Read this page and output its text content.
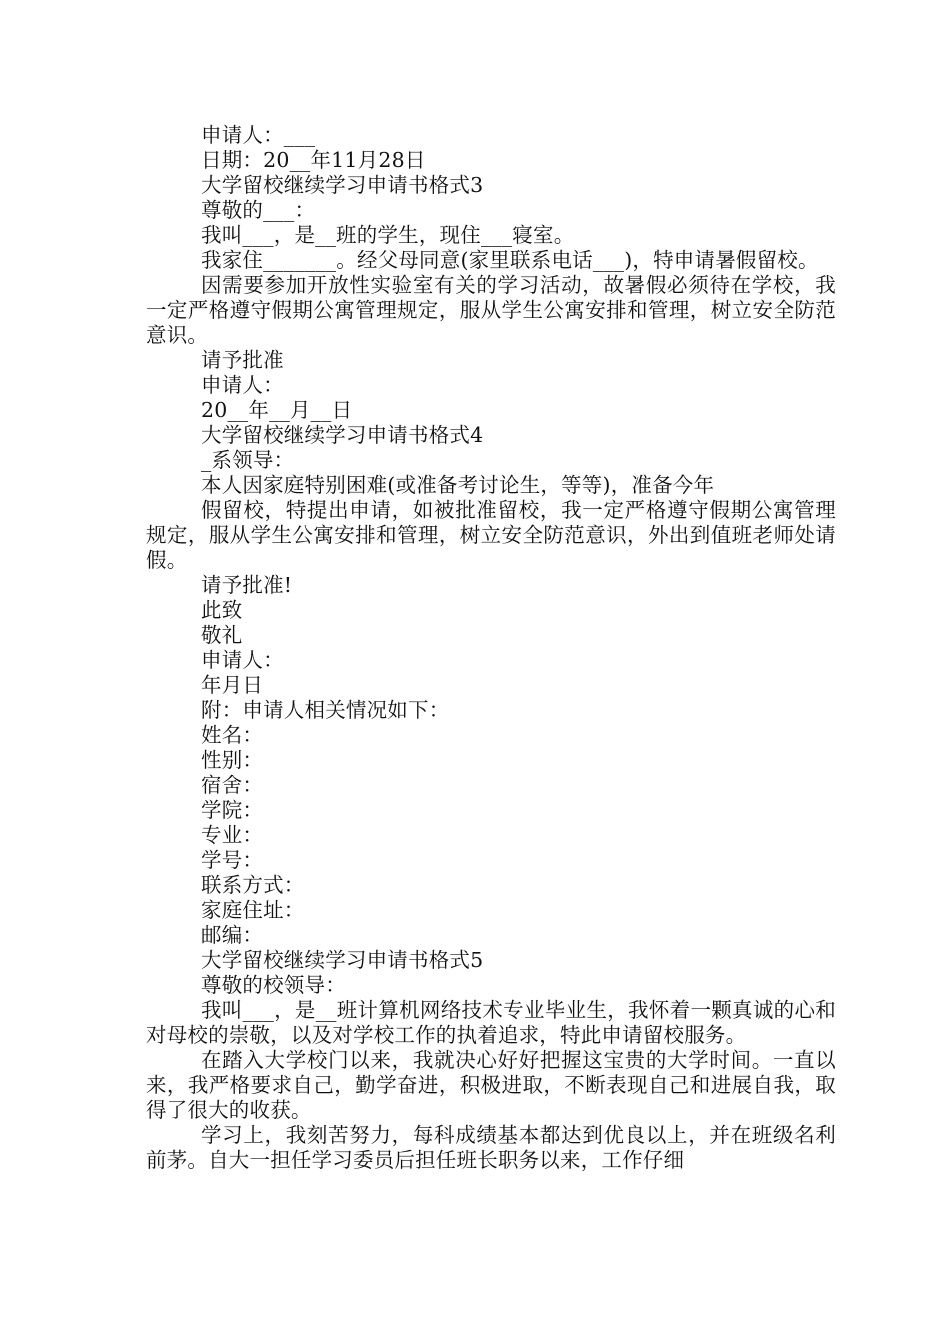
申请人：___
日期：20__年11月28日
大学留校继续学习申请书格式3
尊敬的___：
我叫___，是__班的学生，现住___寝室。
我家住_______。经父母同意(家里联系电话___)，特申请暑假留校。
因需要参加开放性实验室有关的学习活动，故暑假必须待在学校，我一定严格遵守假期公寓管理规定，服从学生公寓安排和管理，树立安全防范意识。
请予批准
申请人：
20__年__月__日
大学留校继续学习申请书格式4
_系领导：
本人因家庭特别困难(或准备考讨论生，等等)，准备今年
假留校，特提出申请，如被批准留校，我一定严格遵守假期公寓管理规定，服从学生公寓安排和管理，树立安全防范意识，外出到值班老师处请假。
请予批准!
此致
敬礼
申请人：
年月日
附：申请人相关情况如下：
姓名：
性别：
宿舍：
学院：
专业：
学号：
联系方式：
家庭住址：
邮编：
大学留校继续学习申请书格式5
尊敬的校领导：
我叫___，是__班计算机网络技术专业毕业生，我怀着一颗真诚的心和对母校的崇敬，以及对学校工作的执着追求，特此申请留校服务。
在踏入大学校门以来，我就决心好好把握这宝贵的大学时间。一直以来，我严格要求自己，勤学奋进，积极进取，不断表现自己和进展自我，取得了很大的收获。
学习上，我刻苦努力，每科成绩基本都达到优良以上，并在班级名利前茅。自大一担任学习委员后担任班长职务以来，工作仔细
